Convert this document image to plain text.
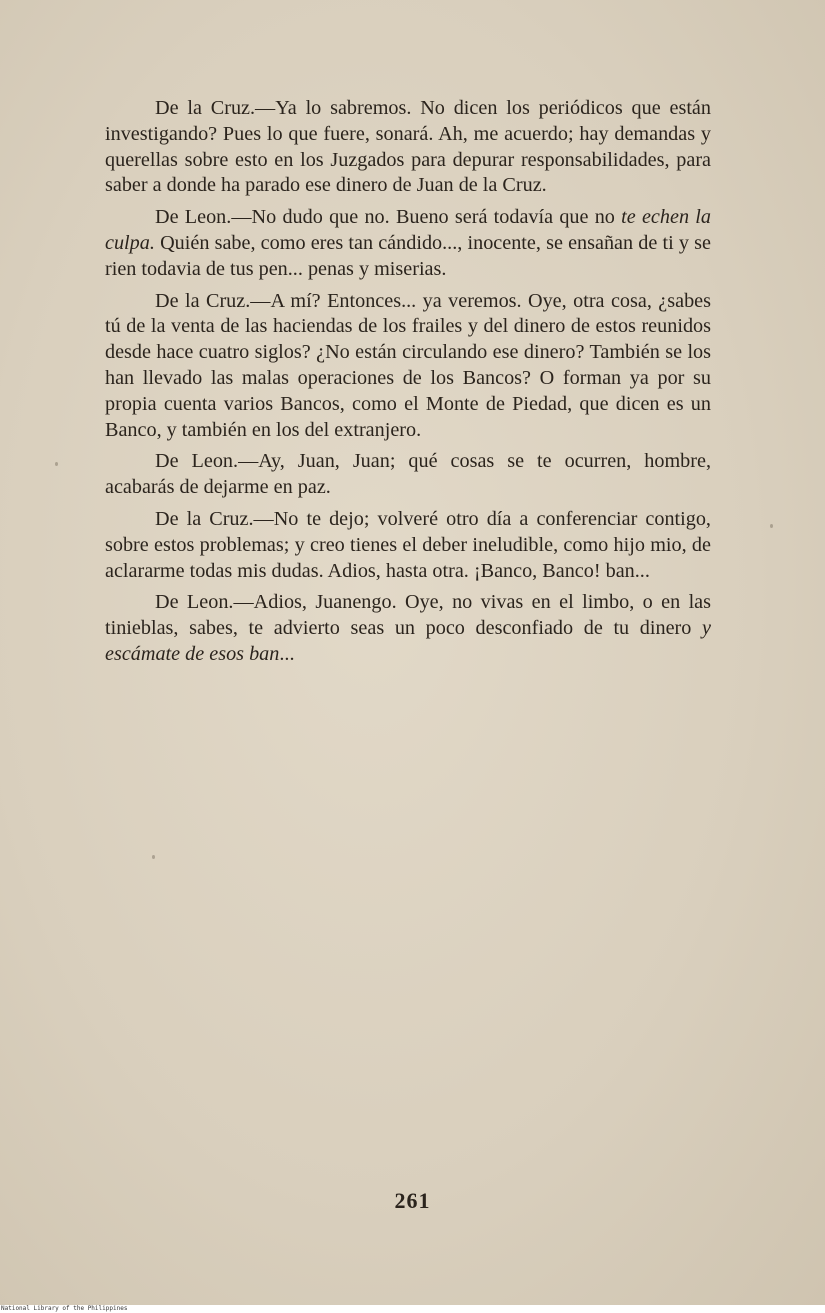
De la Cruz.—Ya lo sabremos. No dicen los periódicos que están investigando? Pues lo que fuere, sonará. Ah, me acuerdo; hay demandas y querellas sobre esto en los Juzgados para depurar responsabilidades, para saber a donde ha parado ese dinero de Juan de la Cruz.

De Leon.—No dudo que no. Bueno será todavía que no te echen la culpa. Quién sabe, como eres tan cándido..., inocente, se ensañan de ti y se rien todavia de tus pen... penas y miserias.

De la Cruz.—A mí? Entonces... ya veremos. Oye, otra cosa, ¿sabes tú de la venta de las haciendas de los frailes y del dinero de estos reunidos desde hace cuatro siglos? ¿No están circulando ese dinero? También se los han llevado las malas operaciones de los Bancos? O forman ya por su propia cuenta varios Bancos, como el Monte de Piedad, que dicen es un Banco, y también en los del extranjero.

De Leon.—Ay, Juan, Juan; qué cosas se te ocurren, hombre, acabarás de dejarme en paz.

De la Cruz.—No te dejo; volveré otro día a conferenciar contigo, sobre estos problemas; y creo tienes el deber ineludible, como hijo mio, de aclararme todas mis dudas. Adios, hasta otra. ¡Banco, Banco! ban...

De Leon.—Adios, Juanengo. Oye, no vivas en el limbo, o en las tinieblas, sabes, te advierto seas un poco desconfiado de tu dinero y escámate de esos ban...

261
National Library of the Philippines
